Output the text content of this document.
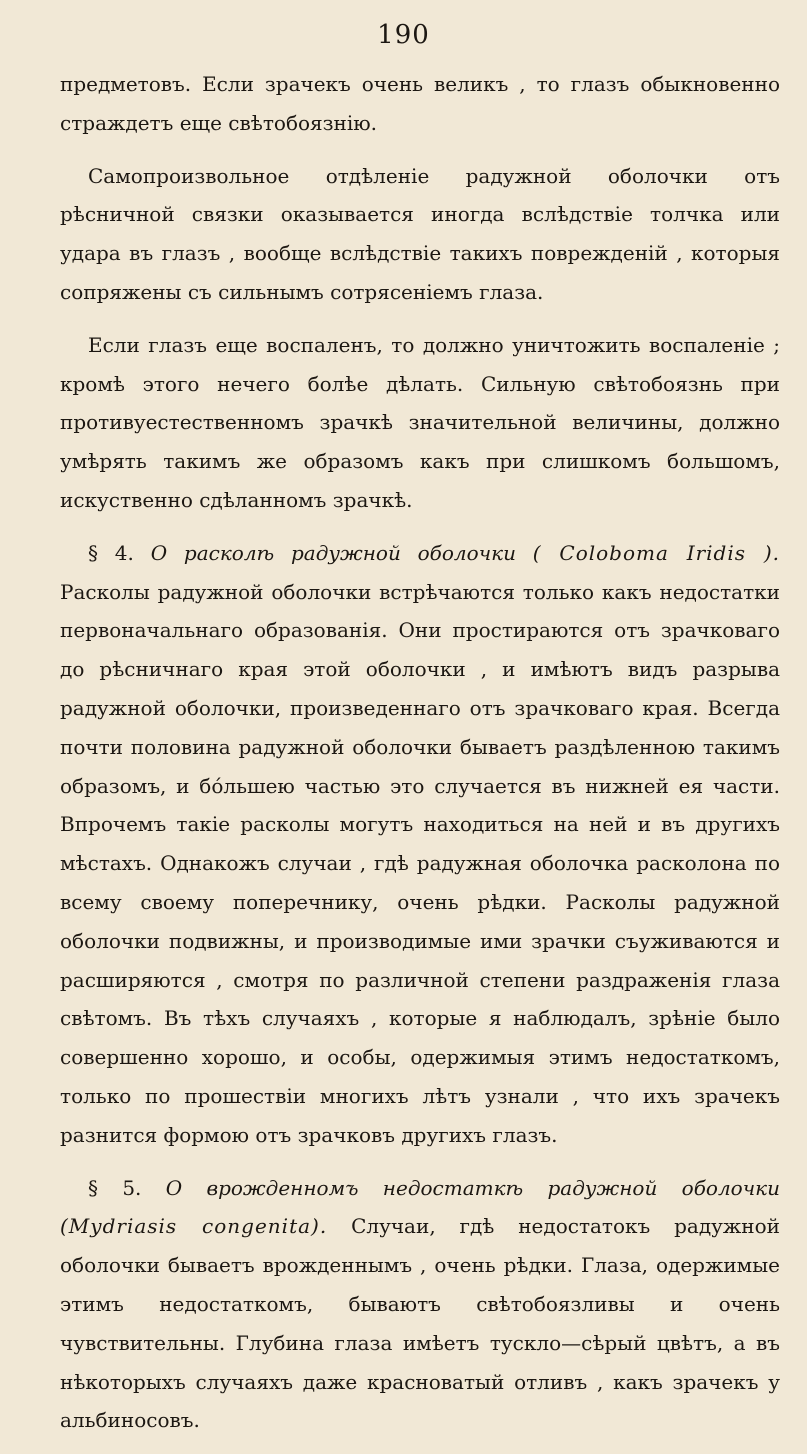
190

предметовъ. Если зрачекъ очень великъ , то глазъ обыкновенно страждетъ еще свѣтобоязнію.

Самопроизвольное отдѣленіе радужной оболочки отъ рѣсничной связки оказывается иногда вслѣдствіе толчка или удара въ глазъ , вообще вслѣдствіе такихъ поврежденій , которыя сопряжены съ сильнымъ сотрясеніемъ глаза.

Если глазъ еще воспаленъ, то должно уничтожить воспаленіе ; кромѣ этого нечего болѣе дѣлать. Сильную свѣтобоязнь при противуестественномъ зрачкѣ значительной величины, должно умѣрять такимъ же образомъ какъ при слишкомъ большомъ, искуственно сдѣланномъ зрачкѣ.

§ 4. О расколѣ радужной оболочки ( Coloboma Iridis ). Расколы радужной оболочки встрѣчаются только какъ недостатки первоначальнаго образованія. Они простираются отъ зрачковаго до рѣсничнаго края этой оболочки , и имѣютъ видъ разрыва радужной оболочки, произведеннаго отъ зрачковаго края. Всегда почти половина радужной оболочки бываетъ раздѣленною такимъ образомъ, и бо́льшею частью это случается въ нижней ея части. Впрочемъ такіе расколы могутъ находиться на ней и въ другихъ мѣстахъ. Однакожъ случаи , гдѣ радужная оболочка расколона по всему своему поперечнику, очень рѣдки. Расколы радужной оболочки подвижны, и производимые ими зрачки съуживаются и расширяются , смотря по различной степени раздраженія глаза свѣтомъ. Въ тѣхъ случаяхъ , которые я наблюдалъ, зрѣніе было совершенно хорошо, и особы, одержимыя этимъ недостаткомъ, только по прошествіи многихъ лѣтъ узнали , что ихъ зрачекъ разнится формою отъ зрачковъ другихъ глазъ.

§ 5. О врожденномъ недостаткѣ радужной оболочки (Mydriasis congenita). Случаи, гдѣ недостатокъ радужной оболочки бываетъ врожденнымъ , очень рѣдки. Глаза, одержимые этимъ недостаткомъ, бываютъ свѣтобоязливы и очень чувствительны. Глубина глаза имѣетъ тускло—сѣрый цвѣтъ, а въ нѣкоторыхъ случаяхъ даже красноватый отливъ , какъ зрачекъ у альбиносовъ.
